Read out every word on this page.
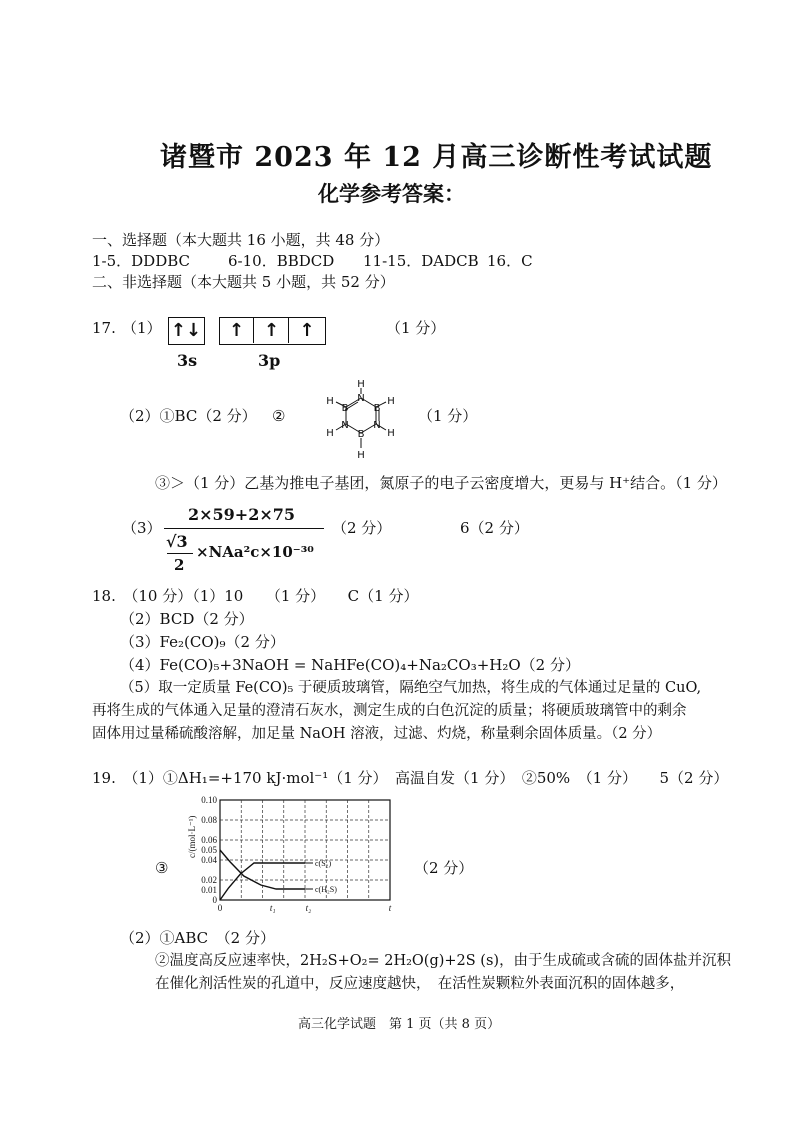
诸暨市 2023 年 12 月高三诊断性考试试题
化学参考答案：
一、选择题（本大题共 16 小题，共 48 分）
1-5．DDDBC	6-10．BBDCD 11-15．DADCB 16．C
二、非选择题（本大题共 5 小题，共 52 分）
17. （1） ↑↓	↑	↑	↑
3s	3p
（1 分）
（2）①BC（2 分） ②
H
N
B	B
N N
B
H
H
H
H
H
（1 分）
③＞（1 分）乙基为推电子基团，氮原子的电子云密度增大，更易与 H⁺结合。（1 分）
（3）
2×59+2×75
√3
2
×NAa²c×10⁻³⁰
（2 分）	6（2 分）
18.　（10 分）（1）10　　（1 分）　　C（1 分）
（2）BCD（2 分）
（3）Fe₂(CO)₉（2 分）
（4）Fe(CO)₅+3NaOH = NaHFe(CO)₄+Na₂CO₃+H₂O（2 分）
（5）取一定质量 Fe(CO)₅ 于硬质玻璃管，隔绝空气加热，将生成的气体通过足量的 CuO,
再将生成的气体通入足量的澄清石灰水，测定生成的白色沉淀的质量；将硬质玻璃管中的剩余
固体用过量稀硫酸溶解，加足量 NaOH 溶液，过滤、灼烧，称量剩余固体质量。（2 分）
19.　（1）①ΔH₁=+170 kJ·mol⁻¹（1 分）　高温自发（1 分）　②50%　（1 分）　　5（2 分）
③	c(S₂)
c(H₂S)
0.10
0.08
0.06
0.05
0.04
0.02
0.01
0
0	t₁	t₂	t
c/(mol·L⁻¹)
（2 分）
（2）①ABC　（2 分）
②温度高反应速率快，2H₂S+O₂= 2H₂O(g)+2S (s)，由于生成硫或含硫的固体盐并沉积
在催化剂活性炭的孔道中，反应速度越快，　在活性炭颗粒外表面沉积的固体越多，
高三化学试题　第 1 页（共 8 页）
